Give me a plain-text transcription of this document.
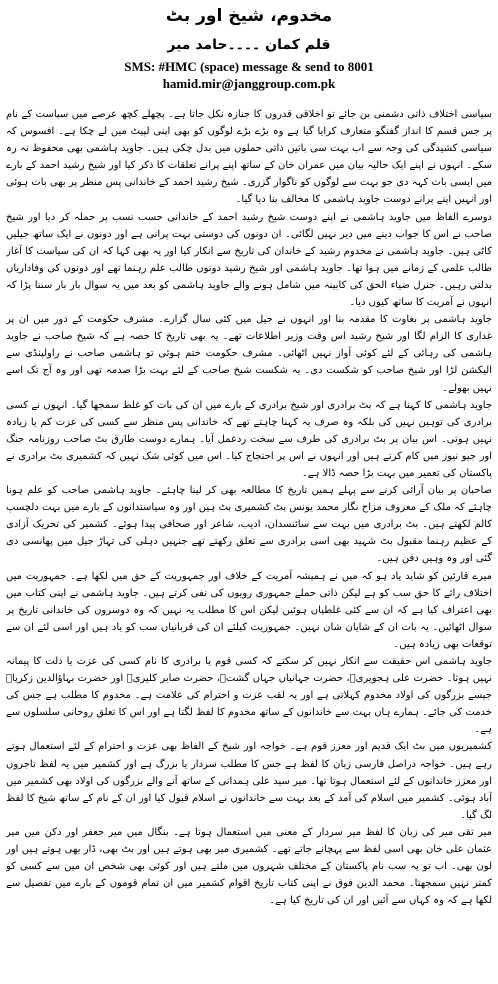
مخدوم، شیخ اور بٹ
قلم کمان ۔۔۔۔حامد میر
SMS: #HMC (space) message & send to 8001
hamid.mir@janggroup.com.pk

سیاسی اختلاف ذاتی دشمنی بن جائے تو اخلاقی قدروں کا جنازہ نکل جاتا ہے۔ پچھلے کچھ عرصے میں سیاست کے نام پر جس قسم کا انداز گفتگو متعارف کرایا گیا ہے وہ بڑے بڑے لوگوں کو بھی اپنی لپیٹ میں لے چکا ہے۔ افسوس کہ سیاسی کشیدگی کی وجہ سے اب بہت سی باتیں ذاتی حملوں میں بدل چکی ہیں۔ جاوید ہاشمی بھی محفوظ نہ رہ سکے۔ انہوں نے اپنے ایک حالیہ بیان میں عمران خان کے ساتھ اپنے پرانے تعلقات کا ذکر کیا اور شیخ رشید احمد کے بارے میں ایسی بات کہہ دی جو بہت سے لوگوں کو ناگوار گزری۔ شیخ رشید احمد کے خاندانی پس منظر پر بھی بات ہوئی اور انہیں اپنے پرانے دوست جاوید ہاشمی کا مخالف بنا دیا گیا۔

دوسرے الفاظ میں جاوید ہاشمی نے اپنے دوست شیخ رشید احمد کے خاندانی حسب نسب پر حملہ کر دیا اور شیخ صاحب نے اس کا جواب دینے میں دیر نہیں لگائی۔ ان دونوں کی دوستی بہت پرانی ہے اور دونوں نے ایک ساتھ جیلیں کاٹی ہیں۔ جاوید ہاشمی نے مخدوم رشید کے خاندان کی تاریخ سے انکار کیا اور یہ بھی کہا کہ ان کی سیاست کا آغاز طالب علمی کے زمانے میں ہوا تھا۔ جاوید ہاشمی اور شیخ رشید دونوں طالب علم رہنما تھے اور دونوں کی وفاداریاں بدلتی رہیں۔ جنرل ضیاء الحق کی کابینہ میں شامل ہونے والے جاوید ہاشمی کو بعد میں یہ سوال بار بار سننا پڑا کہ انہوں نے آمریت کا ساتھ کیوں دیا۔

جاوید ہاشمی پر بغاوت کا مقدمہ بنا اور انہوں نے جیل میں کئی سال گزارے۔ مشرف حکومت کے دور میں ان پر غداری کا الزام لگا اور شیخ رشید اس وقت وزیر اطلاعات تھے۔ یہ بھی تاریخ کا حصہ ہے کہ شیخ صاحب نے جاوید ہاشمی کی رہائی کے لئے کوئی آواز نہیں اٹھائی۔ مشرف حکومت ختم ہوئی تو ہاشمی صاحب نے راولپنڈی سے الیکشن لڑا اور شیخ صاحب کو شکست دی۔ یہ شکست شیخ صاحب کے لئے بہت بڑا صدمہ تھی اور وہ آج تک اسے نہیں بھولے۔

جاوید ہاشمی کا کہنا ہے کہ بٹ برادری اور شیخ برادری کے بارے میں ان کی بات کو غلط سمجھا گیا۔ انہوں نے کسی برادری کی توہین نہیں کی بلکہ وہ صرف یہ کہنا چاہتے تھے کہ خاندانی پس منظر سے کسی کی عزت کم یا زیادہ نہیں ہوتی۔ اس بیان پر بٹ برادری کی طرف سے سخت ردعمل آیا۔ ہمارے دوست طارق بٹ صاحب روزنامہ جنگ اور جیو نیوز میں کام کرتے ہیں اور انہوں نے اس پر احتجاج کیا۔ اس میں کوئی شک نہیں کہ کشمیری بٹ برادری نے پاکستان کی تعمیر میں بہت بڑا حصہ ڈالا ہے۔

صاحبان پر بیان آرائی کرنے سے پہلے ہمیں تاریخ کا مطالعہ بھی کر لینا چاہئے۔ جاوید ہاشمی صاحب کو علم ہونا چاہئے کہ ملک کے معروف مزاح نگار محمد یونس بٹ کشمیری بٹ ہیں اور وہ سیاستدانوں کے بارے میں بہت دلچسپ کالم لکھتے ہیں۔ بٹ برادری میں بہت سے سائنسدان، ادیب، شاعر اور صحافی پیدا ہوئے۔ کشمیر کی تحریک آزادی کے عظیم رہنما مقبول بٹ شہید بھی اسی برادری سے تعلق رکھتے تھے جنہیں دہلی کی تہاڑ جیل میں پھانسی دی گئی اور وہ وہیں دفن ہیں۔

میرے قارئین کو شاید یاد ہو کہ میں نے ہمیشہ آمریت کے خلاف اور جمہوریت کے حق میں لکھا ہے۔ جمہوریت میں اختلاف رائے کا حق سب کو ہے لیکن ذاتی حملے جمہوری رویوں کی نفی کرتے ہیں۔ جاوید ہاشمی نے اپنی کتاب میں بھی اعتراف کیا ہے کہ ان سے کئی غلطیاں ہوئیں لیکن اس کا مطلب یہ نہیں کہ وہ دوسروں کی خاندانی تاریخ پر سوال اٹھائیں۔ یہ بات ان کے شایان شان نہیں۔ جمہوریت کیلئے ان کی قربانیاں سب کو یاد ہیں اور اسی لئے ان سے توقعات بھی زیادہ ہیں۔

جاوید ہاشمی اس حقیقت سے انکار نہیں کر سکتے کہ کسی قوم یا برادری کا نام کسی کی عزت یا ذلت کا پیمانہ نہیں ہوتا۔ حضرت علی ہجویریؒ، حضرت جہانیاں جہاں گشتؒ، حضرت صابر کلیریؒ اور حضرت بہاؤالدین زکریاؒ جیسے بزرگوں کی اولاد مخدوم کہلاتی ہے اور یہ لقب عزت و احترام کی علامت ہے۔ مخدوم کا مطلب ہے جس کی خدمت کی جائے۔ ہمارے ہاں بہت سے خاندانوں کے ساتھ مخدوم کا لفظ لگتا ہے اور اس کا تعلق روحانی سلسلوں سے ہے۔

کشمیریوں میں بٹ ایک قدیم اور معزز قوم ہے۔ خواجہ اور شیخ کے الفاظ بھی عزت و احترام کے لئے استعمال ہوتے رہے ہیں۔ خواجہ دراصل فارسی زبان کا لفظ ہے جس کا مطلب سردار یا بزرگ ہے اور کشمیر میں یہ لفظ تاجروں اور معزز خاندانوں کے لئے استعمال ہوتا تھا۔ میر سید علی ہمدانی کے ساتھ آنے والے بزرگوں کی اولاد بھی کشمیر میں آباد ہوئی۔ کشمیر میں اسلام کی آمد کے بعد بہت سے خاندانوں نے اسلام قبول کیا اور ان کے نام کے ساتھ شیخ کا لفظ لگ گیا۔

میر تقی میر کی زبان کا لفظ میر سردار کے معنی میں استعمال ہوتا ہے۔ بنگال میں میر جعفر اور دکن میں میر عثمان علی خان بھی اسی لفظ سے پہچانے جاتے تھے۔ کشمیری میر بھی ہوتے ہیں اور بٹ بھی، ڈار بھی ہوتے ہیں اور لون بھی۔ اب تو یہ سب نام پاکستان کے مختلف شہروں میں ملتے ہیں اور کوئی بھی شخص ان میں سے کسی کو کمتر نہیں سمجھتا۔ محمد الدین فوق نے اپنی کتاب تاریخ اقوام کشمیر میں ان تمام قوموں کے بارے میں تفصیل سے لکھا ہے کہ وہ کہاں سے آئیں اور ان کی تاریخ کیا ہے۔
